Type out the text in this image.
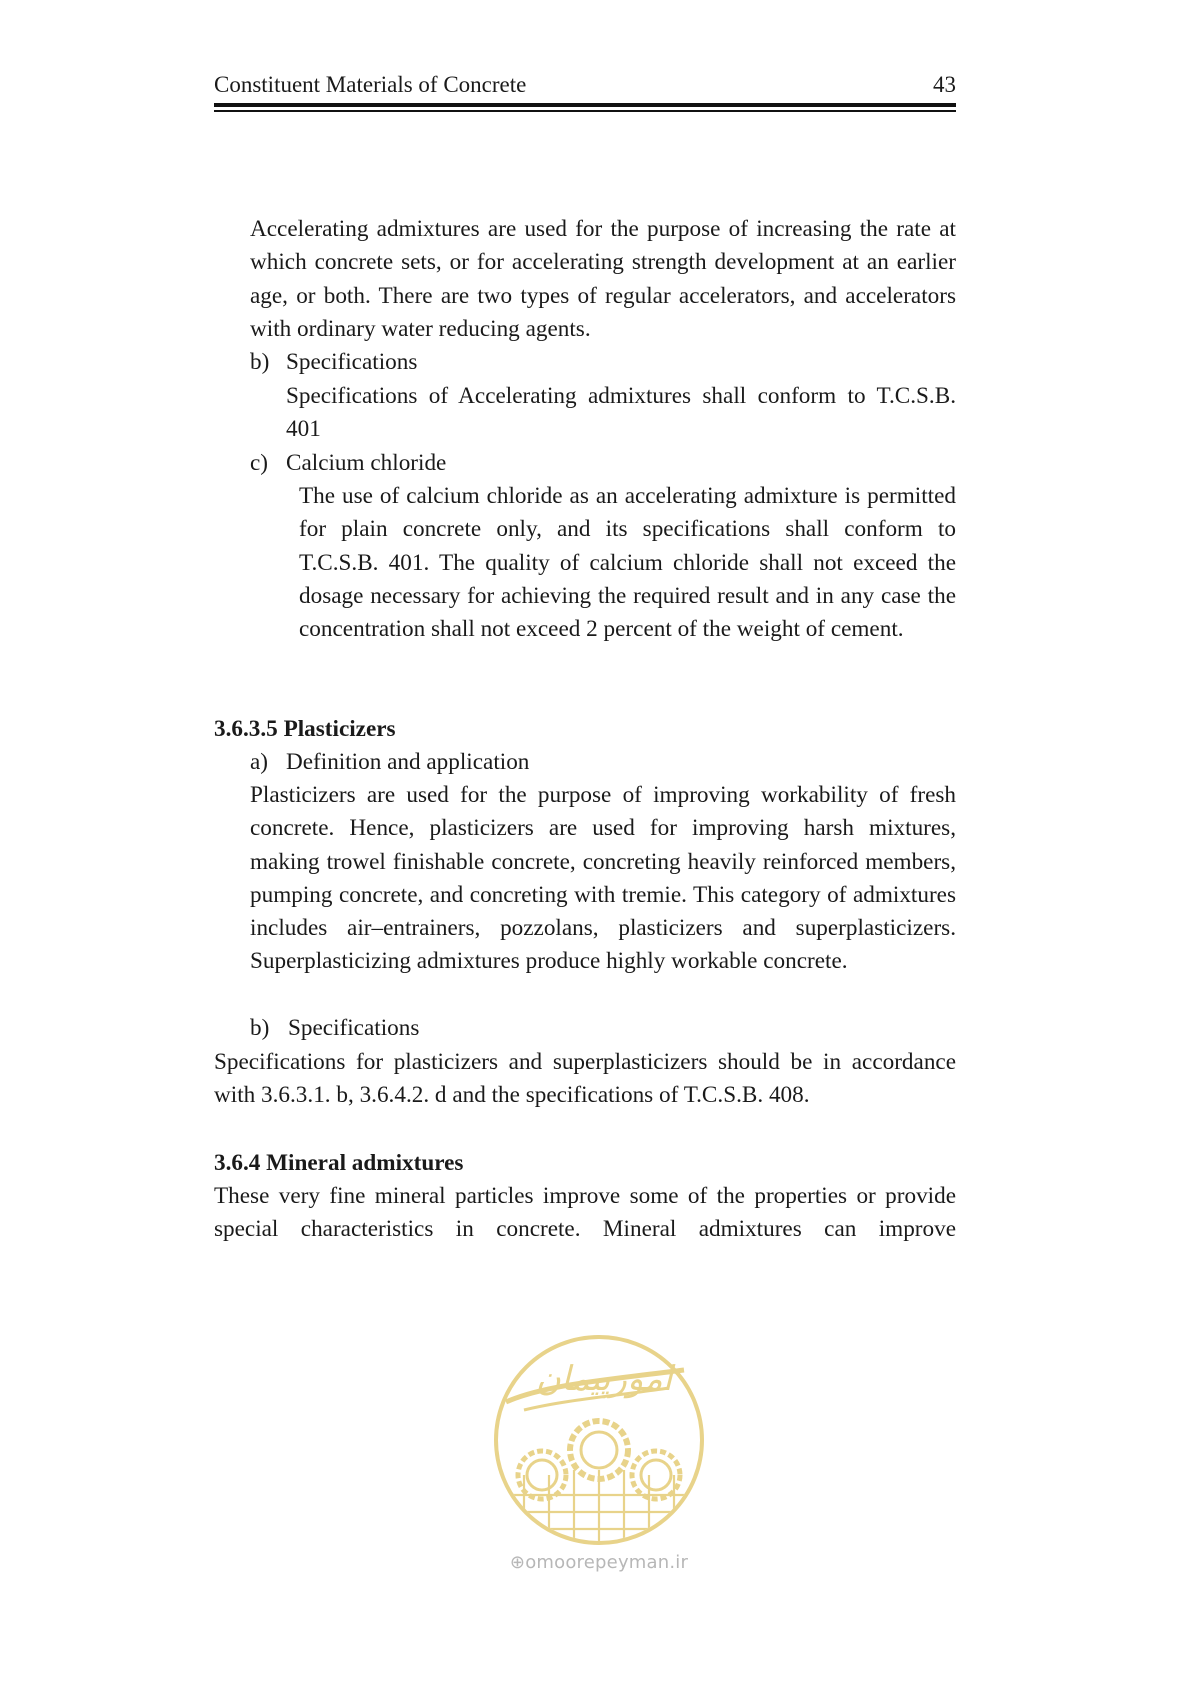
Constituent Materials of Concrete	43

Accelerating admixtures are used for the purpose of increasing the rate at which concrete sets, or for accelerating strength development at an earlier age, or both. There are two types of regular accelerators, and accelerators with ordinary water reducing agents.

b) Specifications

Specifications of Accelerating admixtures shall conform to T.C.S.B. 401

c) Calcium chloride

The use of calcium chloride as an accelerating admixture is permitted for plain concrete only, and its specifications shall conform to T.C.S.B. 401. The quality of calcium chloride shall not exceed the dosage necessary for achieving the required result and in any case the concentration shall not exceed 2 percent of the weight of cement.

3.6.3.5 Plasticizers

a) Definition and application

Plasticizers are used for the purpose of improving workability of fresh concrete. Hence, plasticizers are used for improving harsh mixtures, making trowel finishable concrete, concreting heavily reinforced members, pumping concrete, and concreting with tremie. This category of admixtures includes air–entrainers, pozzolans, plasticizers and superplasticizers. Superplasticizing admixtures produce highly workable concrete.

b) Specifications

Specifications for plasticizers and superplasticizers should be in accordance with 3.6.3.1. b, 3.6.4.2. d and the specifications of T.C.S.B. 408.

3.6.4 Mineral admixtures

These very fine mineral particles improve some of the properties or provide special characteristics in concrete. Mineral admixtures can improve

امورپیمان
⊕omoorepeyman.ir
